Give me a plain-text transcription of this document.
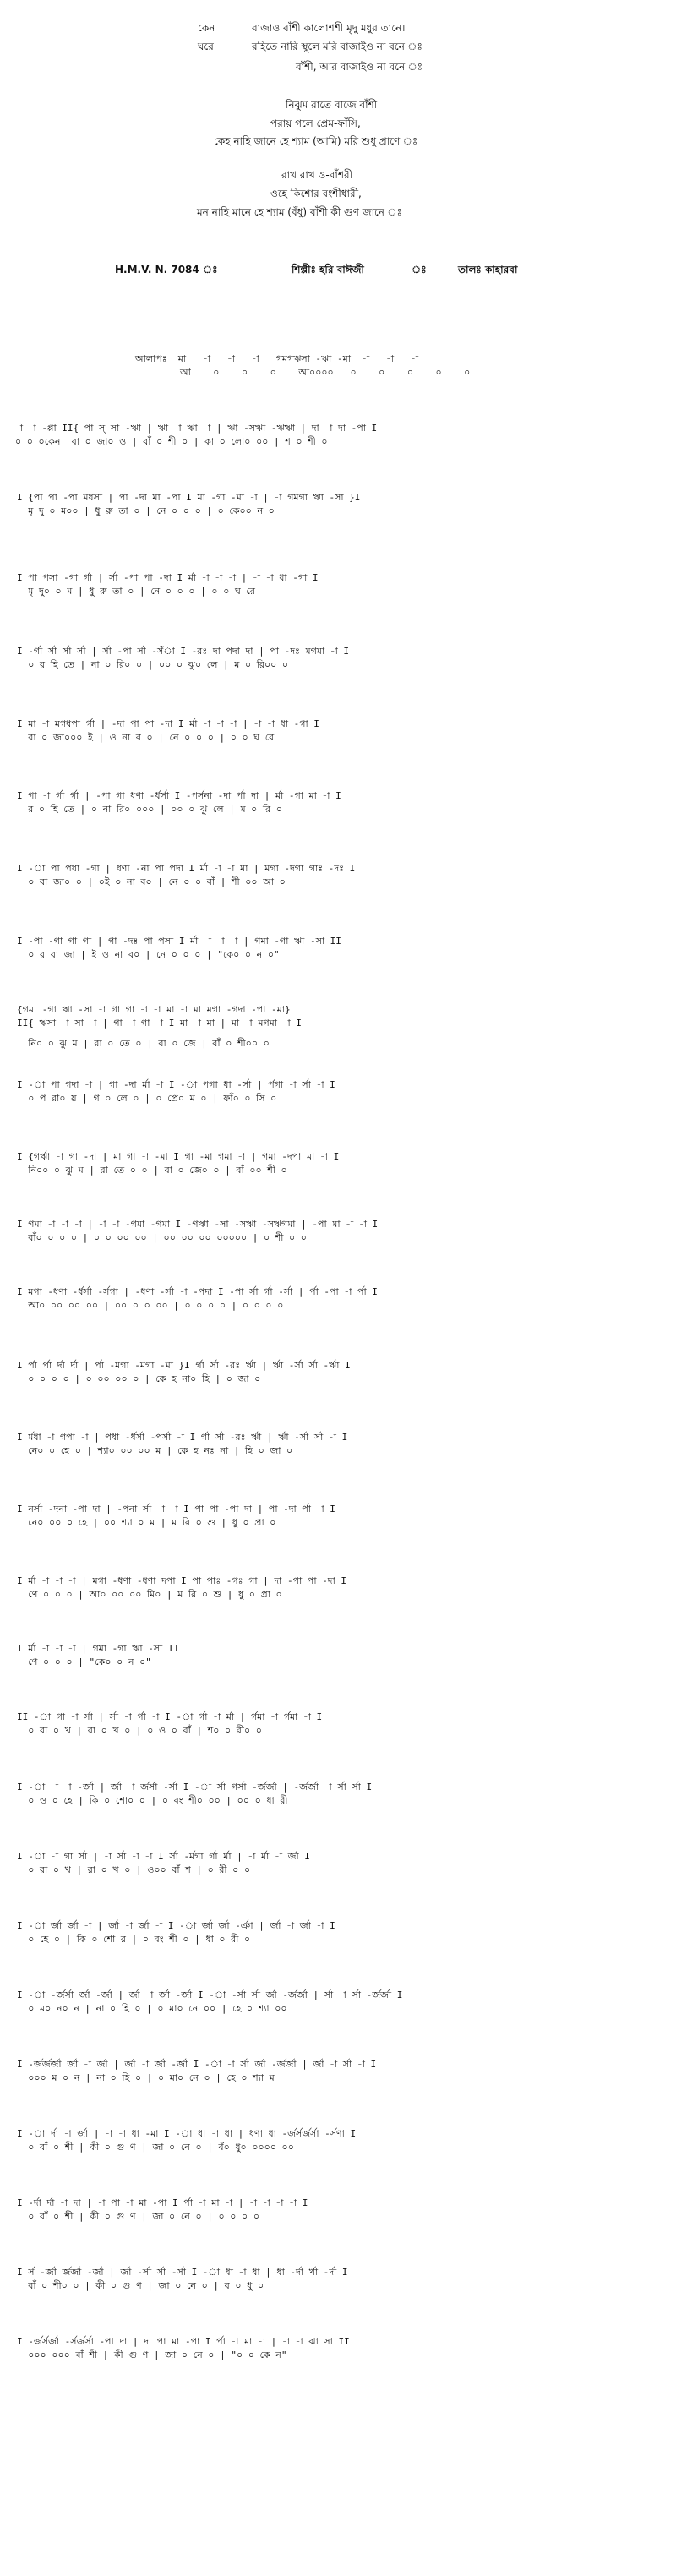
কেন	বাজাও বাঁশী কালোশশী মৃদু মধুর তানে।
ঘরে	রহিতে নারি স্থূলে মরি বাজাইও না বনে ঃ
বাঁশী, আর বাজাইও না বনে ঃ
নিঝুম রাতে বাজে বাঁশী
পরায় গলে প্রেম-ফাঁসি,
কেহ নাহি জানে হে শ্যাম (আমি) মরি শুধু প্রাণে ঃ
রাখ রাখ ও-বাঁশরী
ওহে কিশোর বংশীধারী,
মন নাহি মানে হে শ্যাম (বঁধু) বাঁশী কী গুণ জানে ঃ
H.M.V. N. 7084 ঃ	শিল্পীঃ হরি বাঈজী	ঃ	তালঃ কাহারবা
আলাপঃ  মা   -া   -া   -া   গমগঋসা -ঋা -মা  -া   -া   -া
আ    ০    ০    ০    আ০০০০   ০    ০    ০    ০    ০
-া -া -প্পা II{ পা স্ সা -ঋা | ঋা -া ঋা -া | ঋা -সঋা -ঋঋা | দা -া দা -পা I
০ ০ ০কেন  বা ০ জা০ ও | বাঁ ০ শী ০ | কা ০ লো০ ০০ | শ ০ শী ০
I {পা পা -পা মধসা | পা -দা মা -পা I মা -গা -মা -া | -া গমগা ঋা -সা }I
মৃ দু ০ ম০০ | ধু রু তা ০ | নে ০ ০ ০ | ০ কে০০ ন ০
I পা পসা -গা র্গা | র্সা -পা পা -দা I র্মা -া -া -া | -া -া ধা -গা I
মৃ দু০ ০ ম | ধু রু তা ০ | নে ০ ০ ০ | ০ ০ ঘ রে
I -র্গা র্সা র্সা র্সা | র্সা -পা র্সা -সঁা I -রঃ দা পদা দা | পা -দঃ মগমা -া I
০ র হি তে | না ০ রি০ ০ | ০০ ০ ঝু০ লে | ম ০ রি০০ ০
I মা -া মগধপা র্গা | -দা পা পা -দা I র্মা -া -া -া | -া -া ধা -গা I
বা ০ জা০০০ ই | ও না ব ০ | নে ০ ০ ০ | ০ ০ ঘ রে
I গা -া র্গা র্গা | -পা গা ধণা -র্ধর্সা I -পর্সনা -দা র্পা দা | র্মা -গা মা -া I
র ০ হি তে | ০ না রি০ ০০০ | ০০ ০ ঝু লে | ম ০ রি ০
I -া পা পধা -গা | ধণা -না পা পদা I র্মা -া -া মা | মগা -দগা গাঃ -দঃ I
০ বা জা০ ০ | ০ই ০ না ব০ | নে ০ ০ বাঁ | শী ০০ আ ০
I -পা -গা গা গা | গা -দঃ পা পসা I র্মা -া -া -া | গমা -গা ঋা -সা II
০ র বা জা | ই ও না ব০ | নে ০ ০ ০ | "কে০ ০ ন ০"
{গমা -গা ঋা -সা -া গা গা -া -া মা -া মা মগা -গদা -পা -মা}
II{ ঋসা -া সা -া | গা -া গা -া I মা -া মা | মা -া মগমা -া I
নি০ ০ ঝু ম | রা ০ তে ০ | বা ০ জে | বাঁ ০ শী০০ ০
I -া পা গদা -া | গা -দা র্মা -া I -া পগা ধা -র্সা | র্পগা -া র্সা -া I
০ প রা০ য় | গ ০ লে ০ | ০ প্রে০ ম ০ | ফাঁ০ ০ সি ০
I {গর্ঋা -া গা -দা | মা গা -া -মা I গা -মা গমা -া | গমা -দপা মা -া I
নি০০ ০ ঝু ম | রা তে ০ ০ | বা ০ জে০ ০ | বাঁ ০০ শী ০
I গমা -া -া -া | -া -া -গমা -গমা I -গঋা -সা -সঋা -সঋগমা | -পা মা -া -া I
বাঁ০ ০ ০ ০ | ০ ০ ০০ ০০ | ০০ ০০ ০০ ০০০০০ | ০ শী ০ ০
I মগা -ধণা -র্ধর্সা -র্সগা | -ধণা -র্সা -া -পদা I -পা র্সা র্গা -র্সা | র্পা -পা -া র্পা I
আ০ ০০ ০০ ০০ | ০০ ০ ০ ০০ | ০ ০ ০ ০ | ০ ০ ০ ০
I র্পা র্পা র্দা র্দা | র্পা -মগা -মগা -মা }I র্গা র্সা -রঃ র্ঋা | র্ঋা -র্সা র্সা -র্ঋা I
০ ০ ০ ০ | ০ ০০ ০০ ০ | কে হ না০ হি | ০ জা ০
I র্মধা -া গপা -া | পধা -র্ধর্সা -পর্সা -া I র্গা র্সা -রঃ র্ঋা | র্ঋা -র্সা র্সা -া I
নে০ ০ হে ০ | শ্যা০ ০০ ০০ ম | কে হ নঃ না | হি ০ জা ০
I নর্সা -দনা -পা দা | -পনা র্সা -া -া I পা পা -পা দা | পা -দা র্পা -া I
নে০ ০০ ০ হে | ০০ শ্যা ০ ম | ম রি ০ শু | ধু ০ প্রা ০
I র্মা -া -া -া | মগা -ধণা -ধণা দপা I পা পাঃ -গঃ গা | দা -পা পা -দা I
ণে ০ ০ ০ | আ০ ০০ ০০ মি০ | ম রি ০ শু | ধু ০ প্রা ০
I র্মা -া -া -া | গমা -গা ঋা -সা II
ণে ০ ০ ০ | "কে০ ০ ন ০"
II -া গা -া র্সা | র্সা -া র্গা -া I -া র্গা -া র্মা | র্গমা -া র্গমা -া I
০ রা ০ খ | রা ০ খ ০ | ০ ও ০ বাঁ | শ০ ০ রী০ ০
I -া -া -া -র্জা | র্জা -া র্জর্সা -র্সা I -া র্সা গর্সা -র্জর্জা | -র্জর্জা -া র্সা র্সা I
০ ও ০ হে | কি ০ শো০ ০ | ০ বং শী০ ০০ | ০০ ০ ধা রী
I -া -া গা র্সা | -া র্সা -া -া I র্সা -র্মগা র্গা র্মা | -া র্মা -া র্জা I
০ রা ০ খ | রা ০ খ ০ | ও০০ বাঁ শ | ০ রী ০ ০
I -া র্জা র্জা -া | র্জা -া র্জা -া I -া র্জা র্জা -র্ঞা | র্জা -া র্জা -া I
০ হে ০ | কি ০ শো র | ০ বং শী ০ | ধা ০ রী ০
I -া -র্জর্সা র্জা -র্জা | র্জা -া র্জা -র্জা I -া -র্সা র্সা র্জা -র্জর্জা | র্সা -া র্সা -র্জর্জা I
০ ম০ ন০ ন | না ০ হি ০ | ০ মা০ নে ০০ | হে ০ শ্যা ০০
I -র্জর্জর্জা র্জা -া র্জা | র্জা -া র্জা -র্জা I -া -া র্সা র্জা -র্জর্জা | র্জা -া র্সা -া I
০০০ ম ০ ন | না ০ হি ০ | ০ মা০ নে ০ | হে ০ শ্যা ম
I -া র্দা -া র্জা | -া -া ধা -মা I -া ধা -া ধা | ধণা ধা -র্জর্সর্জর্সা -র্সণা I
০ বাঁ ০ শী | কী ০ গু ণ | জা ০ নে ০ | বঁ০ ধু০ ০০০০ ০০
I -র্দা র্দা -া দা | -া পা -া মা -পা I র্পা -া মা -া | -া -া -া -া I
০ বাঁ ০ শী | কী ০ গু ণ | জা ০ নে ০ | ০ ০ ০ ০
I র্স -র্জা র্জর্জা -র্জা | র্জা -র্সা র্সা -র্সা I -া ধা -া ধা | ধা -র্দা র্খা -র্দা I
বাঁ ০ শী০ ০ | কী ০ গু ণ | জা ০ নে ০ | ব ০ ধু ০
I -র্জর্সর্জা -র্সর্জর্সা -পা দা | দা পা মা -পা I র্পা -া মা -া | -া -া ঝা সা II
০০০ ০০০ বাঁ শী | কী গু ণ | জা ০ নে ০ | "০ ০ কে ন"
